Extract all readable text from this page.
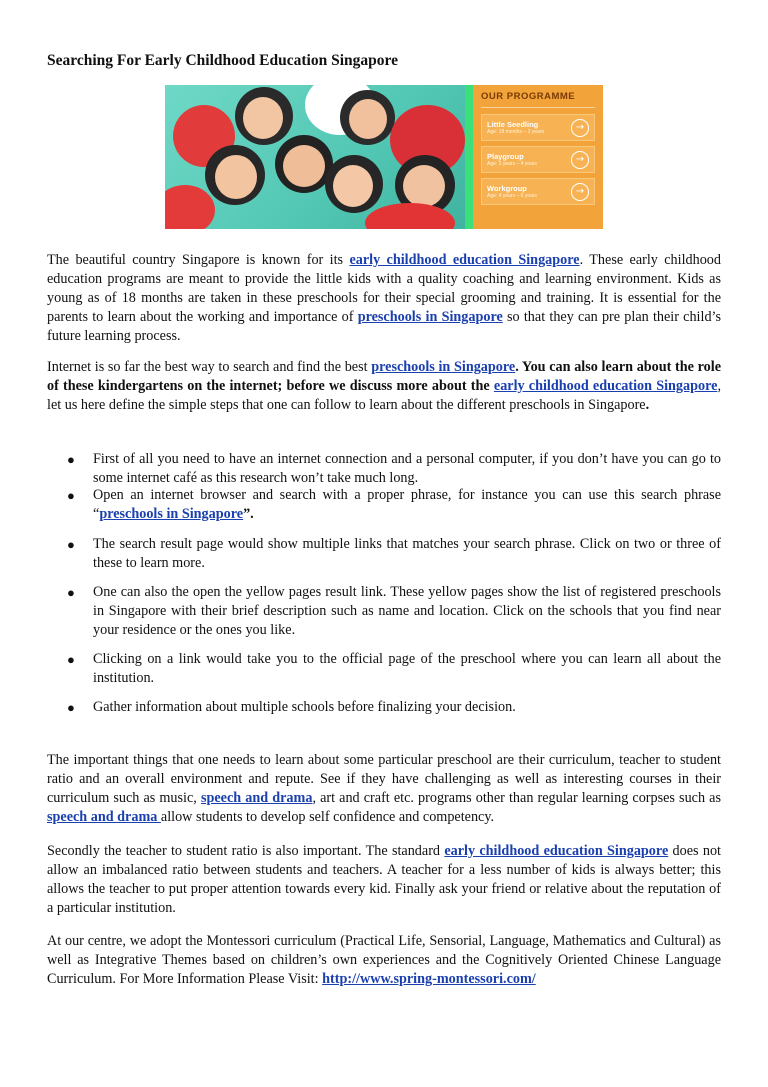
Searching For Early Childhood Education Singapore
OUR PROGRAMME
Little Seedling
Age: 18 months – 3 years	→
Playgroup
Age: 3 years – 4 years	→
Workgroup
Age: 4 years – 6 years	→

The beautiful country Singapore is known for its early childhood education Singapore. These early childhood education programs are meant to provide the little kids with a quality coaching and learning environment. Kids as young as of 18 months are taken in these preschools for their special grooming and training. It is essential for the parents to learn about the working and importance of preschools in Singapore so that they can pre plan their child’s future learning process.

Internet is so far the best way to search and find the best preschools in Singapore. You can also learn about the role of these kindergartens on the internet; before we discuss more about the early childhood education Singapore, let us here define the simple steps that one can follow to learn about the different preschools in Singapore.

● First of all you need to have an internet connection and a personal computer, if you don’t have you can go to some internet café as this research won’t take much long.
● Open an internet browser and search with a proper phrase, for instance you can use this search phrase “preschools in Singapore”.
● The search result page would show multiple links that matches your search phrase. Click on two or three of these to learn more.
● One can also the open the yellow pages result link. These yellow pages show the list of registered preschools in Singapore with their brief description such as name and location. Click on the schools that you find near your residence or the ones you like.
● Clicking on a link would take you to the official page of the preschool where you can learn all about the institution.
● Gather information about multiple schools before finalizing your decision.

The important things that one needs to learn about some particular preschool are their curriculum, teacher to student ratio and an overall environment and repute. See if they have challenging as well as interesting courses in their curriculum such as music, speech and drama, art and craft etc. programs other than regular learning corpses such as speech and drama allow students to develop self confidence and competency.

Secondly the teacher to student ratio is also important. The standard early childhood education Singapore does not allow an imbalanced ratio between students and teachers. A teacher for a less number of kids is always better; this allows the teacher to put proper attention towards every kid. Finally ask your friend or relative about the reputation of a particular institution.

At our centre, we adopt the Montessori curriculum (Practical Life, Sensorial, Language, Mathematics and Cultural) as well as Integrative Themes based on children’s own experiences and the Cognitively Oriented Chinese Language Curriculum. For More Information Please Visit: http://www.spring-montessori.com/
